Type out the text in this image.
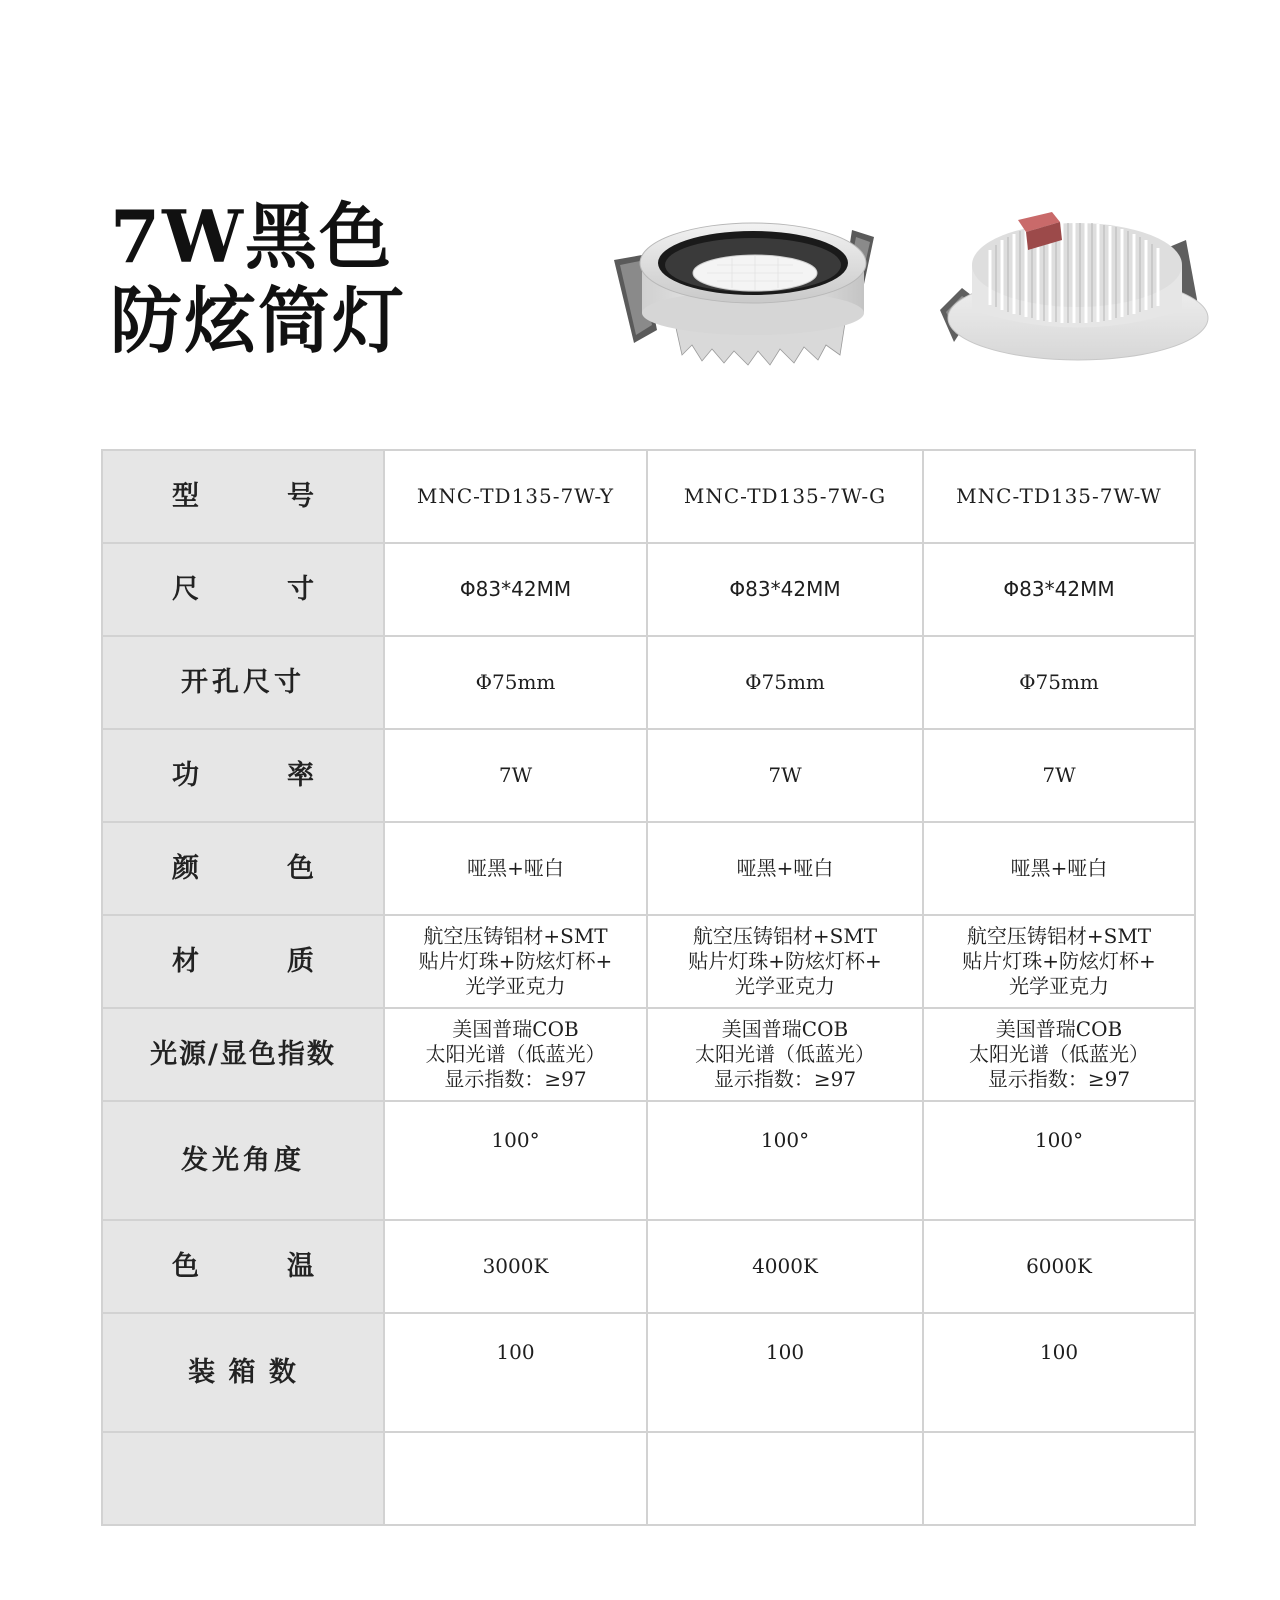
7W黑色
防炫筒灯
型 号	MNC-TD135-7W-Y	MNC-TD135-7W-G	MNC-TD135-7W-W

尺 寸	Φ83*42MM	Φ83*42MM	Φ83*42MM
开孔尺寸	Φ75mm	Φ75mm	Φ75mm

功 率	7W	7W	7W

颜 色	哑黑+哑白	哑黑+哑白	哑黑+哑白

材 质	航空压铸铝材+SMT
贴片灯珠+防炫灯杯+
光学亚克力	航空压铸铝材+SMT
贴片灯珠+防炫灯杯+
光学亚克力	航空压铸铝材+SMT
贴片灯珠+防炫灯杯+
光学亚克力

光源/显色指数	美国普瑞COB
太阳光谱（低蓝光）
显示指数：≥97	美国普瑞COB
太阳光谱（低蓝光）
显示指数：≥97	美国普瑞COB
太阳光谱（低蓝光）
显示指数：≥97

发光角度	100°	100°	100°

色 温	3000K	4000K	6000K
装 箱 数	100	100	100
